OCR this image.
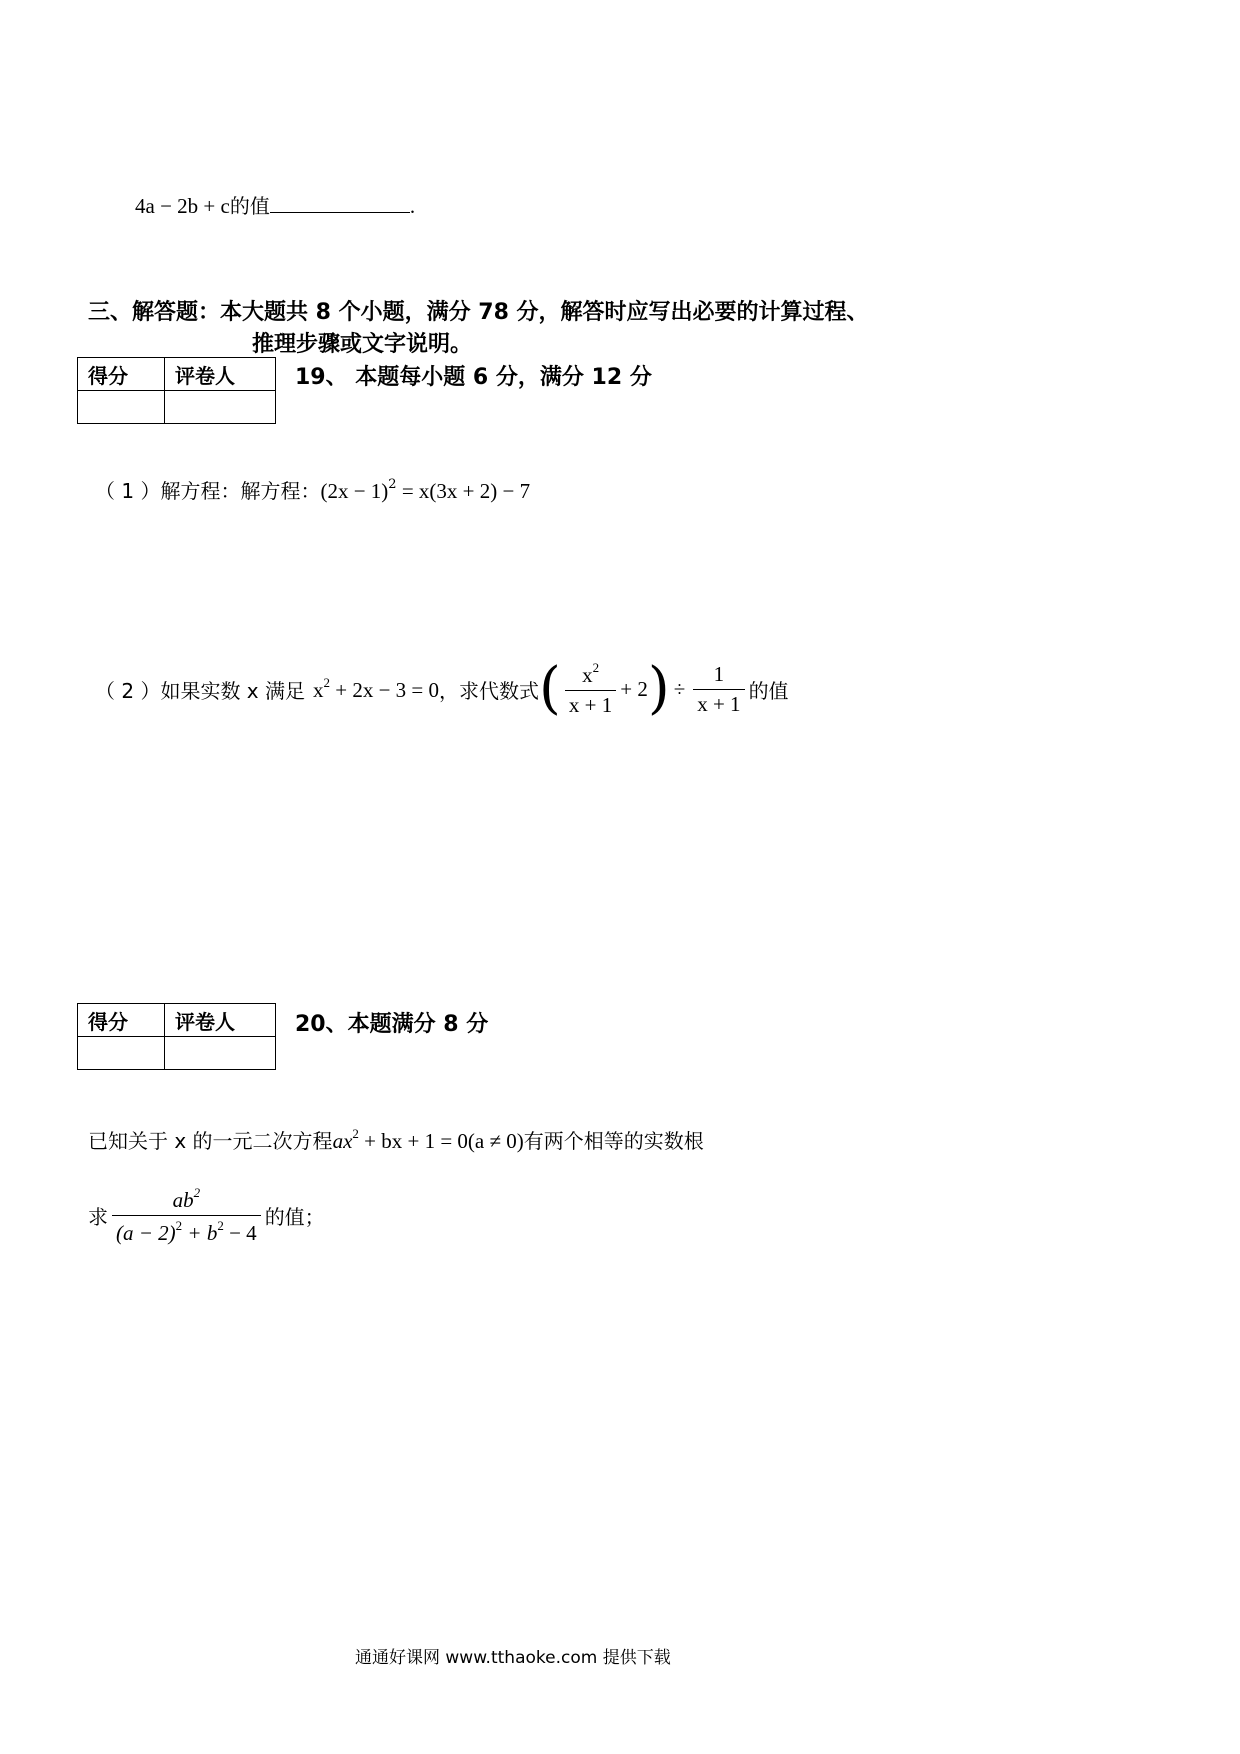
4a − 2b + c的值	.
三、解答题：本大题共 8 个小题，满分 78 分，解答时应写出必要的计算过程、
推理步骤或文字说明。
得分	评卷人
		19、 本题每小题 6 分，满分 12 分
（ 1 ）解方程：解方程：$(2x - 1)^2 = x(3x + 2) - 7$
（ 2 ）如果实数 x 满足 $x^2 + 2x - 3 = 0$ ，求代数式 ( $\frac{x^2}{x + 1} + 2$ ) ÷ $\frac{1}{x + 1}$ 的值
得分	评卷人
		20、本题满分 8 分
已知关于 x 的一元二次方程$ax^2$ + bx + 1 = 0(a ≠ 0)有两个相等的实数根
求 $\frac{ab^2}{(a - 2)^2 + b^2 - 4}$ 的值；
通通好课网 www.tthaoke.com 提供下载
